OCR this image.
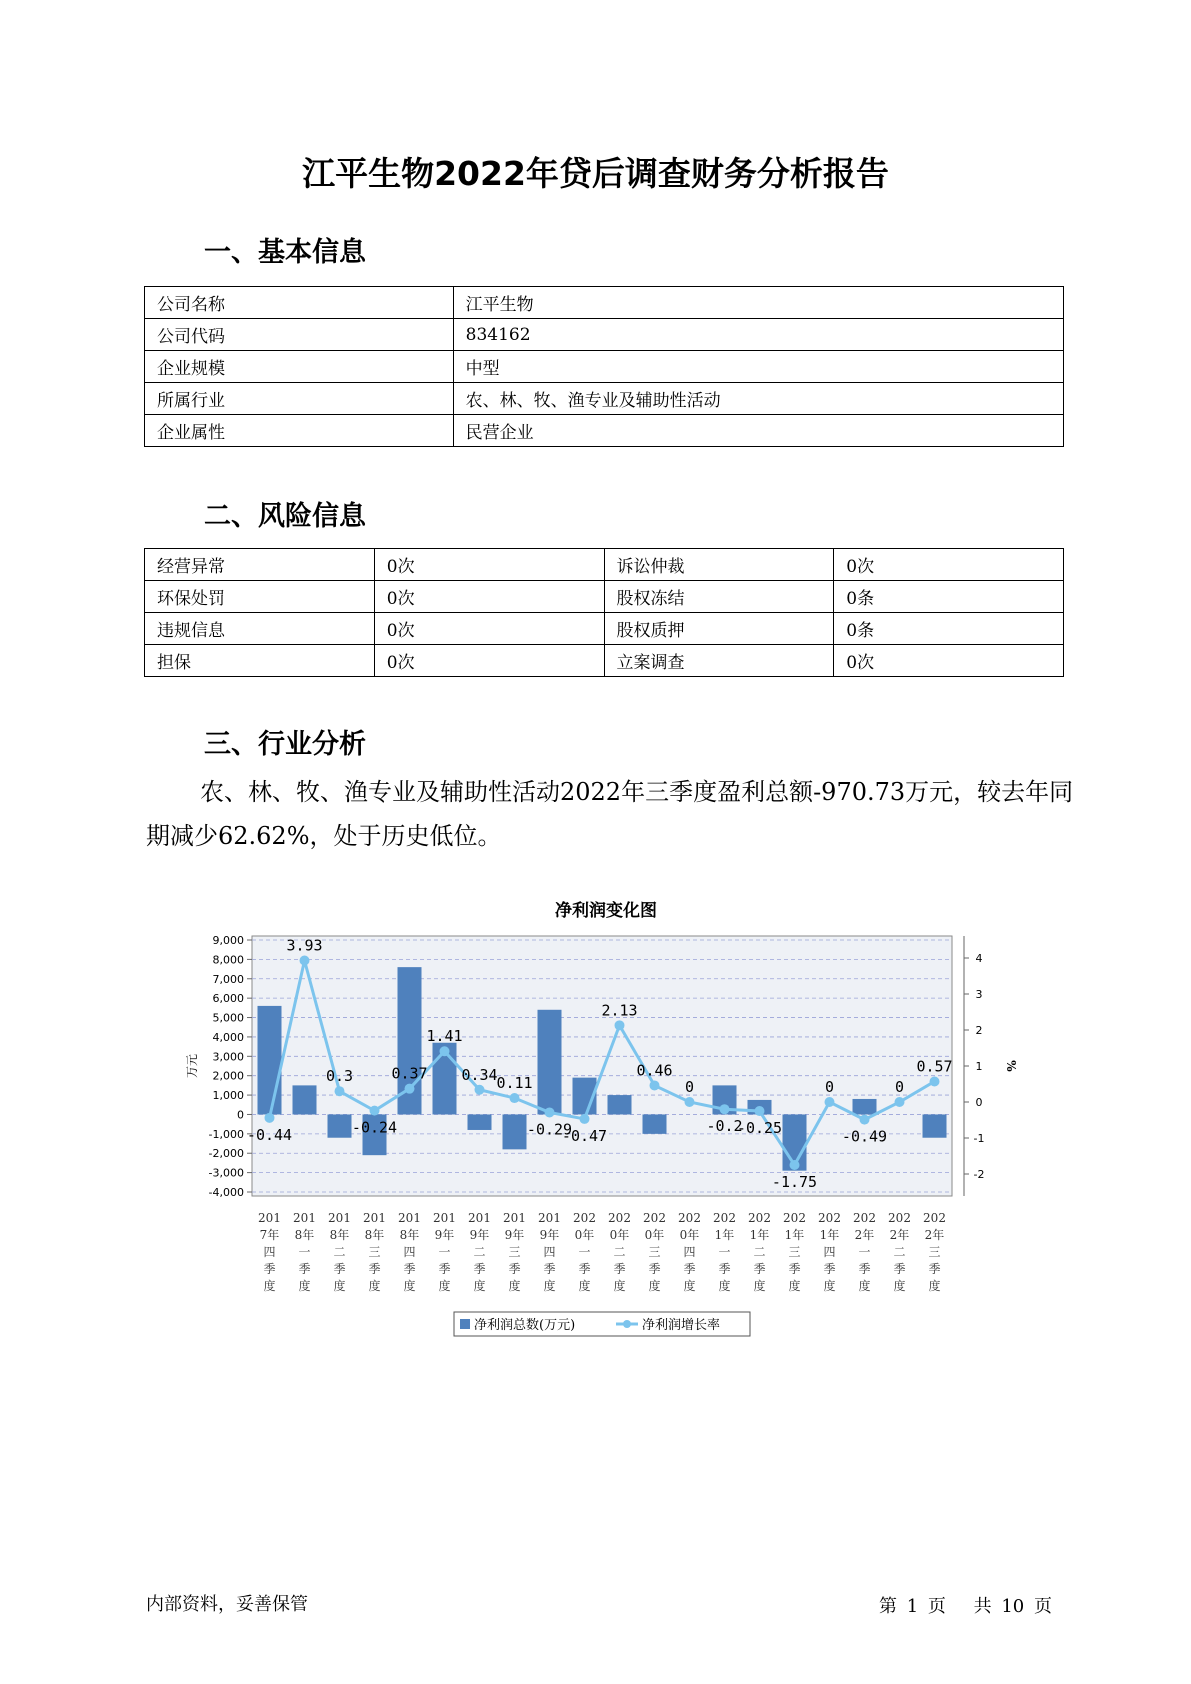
江平生物2022年贷后调查财务分析报告
一、基本信息
公司名称	江平生物
公司代码	834162
企业规模	中型
所属行业	农、林、牧、渔专业及辅助性活动
企业属性	民营企业
二、风险信息
经营异常	0次	诉讼仲裁	0次
环保处罚	0次	股权冻结	0条
违规信息	0次	股权质押	0条
担保	0次	立案调查	0次
三、行业分析
农、林、牧、渔专业及辅助性活动2022年三季度盈利总额-970.73万元，较去年同期减少62.62%，处于历史低位。
净利润变化图
9,000
8,000
7,000
6,000
5,000
4,000
3,000
2,000
1,000
0
-1,000
-2,000
-3,000
-4,000
4
3
2
1
0
-1
-2
万元	%
-0.44
3.93
0.3
-0.24
0.37
1.41
0.34
0.11
-0.29
-0.47
2.13
0.46
0
-0.2
-0.25
-1.75
0
-0.49
0
0.57
201
7年
四
季
度
201
8年
一
季
度
201
8年
二
季
度
201
8年
三
季
度
201
8年
四
季
度
201
9年
一
季
度
201
9年
二
季
度
201
9年
三
季
度
201
9年
四
季
度
202
0年
一
季
度
202
0年
二
季
度
202
0年
三
季
度
202
0年
四
季
度
202
1年
一
季
度
202
1年
二
季
度
202
1年
三
季
度
202
1年
四
季
度
202
2年
一
季
度
202
2年
二
季
度
202
2年
三
季
度
净利润总数(万元)	净利润增长率
内部资料，妥善保管	第 1 页 共 10 页
